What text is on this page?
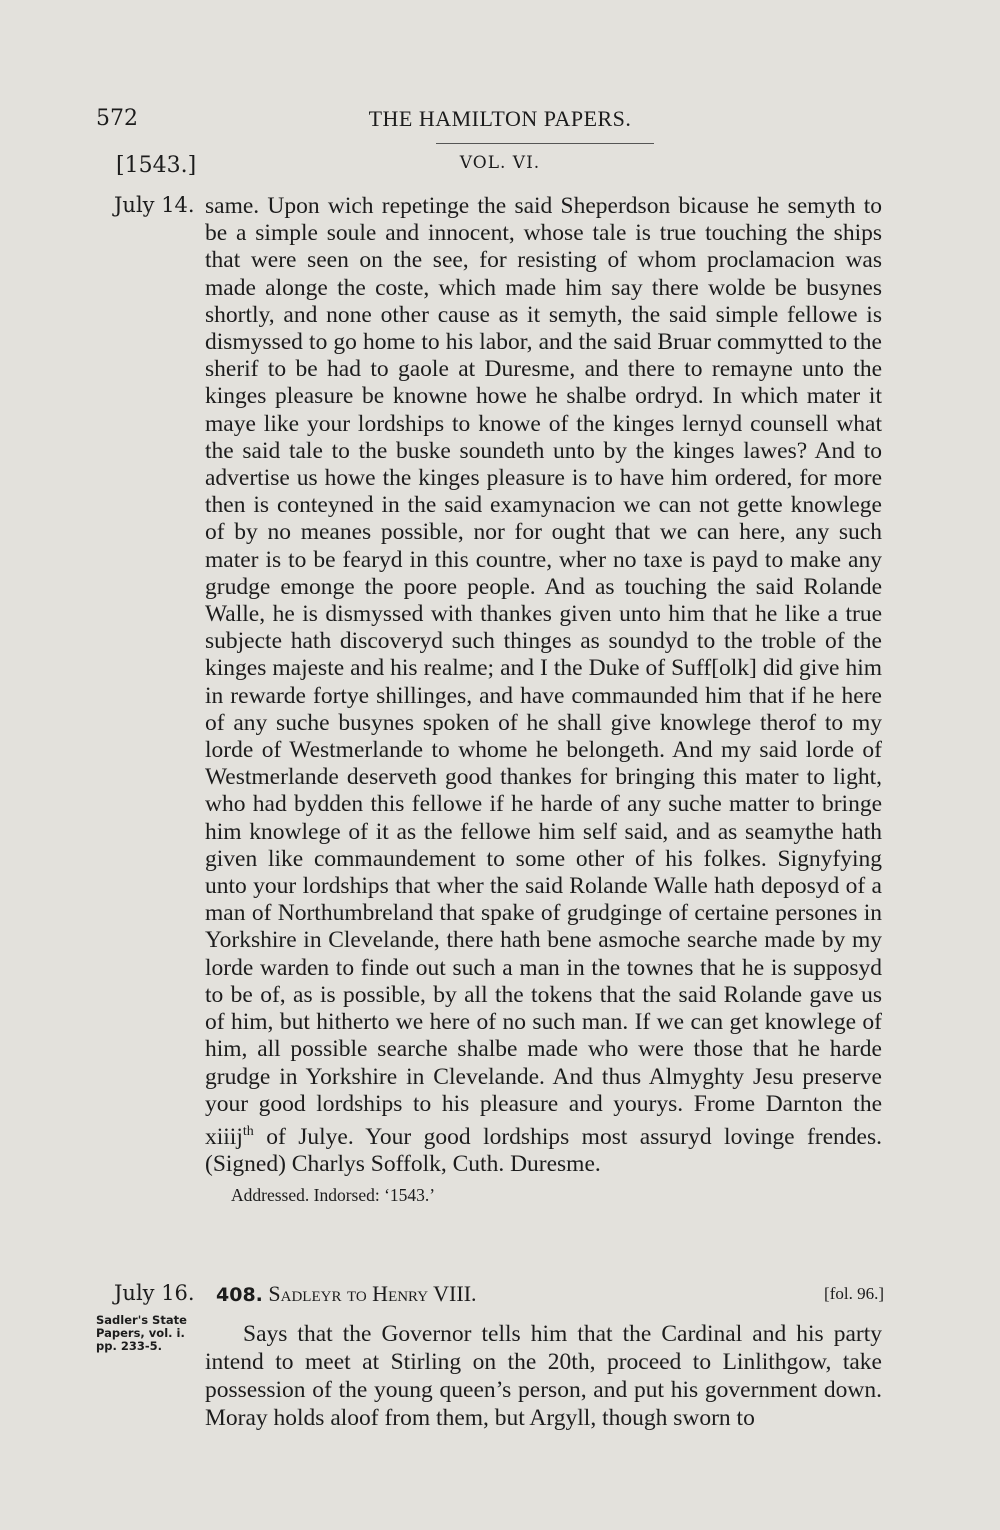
572	THE HAMILTON PAPERS.
[1543.]	VOL. VI.
July 14. same. Upon wich repetinge the said Sheperdson bicause he semyth to be a simple soule and innocent, whose tale is true touching the ships that were seen on the see, for resisting of whom proclamacion was made alonge the coste, which made him say there wolde be busynes shortly, and none other cause as it semyth, the said simple fellowe is dismyssed to go home to his labor, and the said Bruar commytted to the sherif to be had to gaole at Duresme, and there to remayne unto the kinges pleasure be knowne howe he shalbe ordryd. In which mater it maye like your lordships to knowe of the kinges lernyd counsell what the said tale to the buske soundeth unto by the kinges lawes? And to advertise us howe the kinges pleasure is to have him ordered, for more then is conteyned in the said examynacion we can not gette knowlege of by no meanes possible, nor for ought that we can here, any such mater is to be fearyd in this countre, wher no taxe is payd to make any grudge emonge the poore people. And as touching the said Rolande Walle, he is dismyssed with thankes given unto him that he like a true subjecte hath discoveryd such thinges as soundyd to the troble of the kinges majeste and his realme; and I the Duke of Suff[olk] did give him in rewarde fortye shillinges, and have commaunded him that if he here of any suche busynes spoken of he shall give knowlege therof to my lorde of Westmerlande to whome he belongeth. And my said lorde of Westmerlande deserveth good thankes for bringing this mater to light, who had bydden this fellowe if he harde of any suche matter to bringe him knowlege of it as the fellowe him self said, and as seamythe hath given like commaundement to some other of his folkes. Signyfying unto your lordships that wher the said Rolande Walle hath deposyd of a man of Northumbreland that spake of grudginge of certaine persones in Yorkshire in Clevelande, there hath bene asmoche searche made by my lorde warden to finde out such a man in the townes that he is supposyd to be of, as is possible, by all the tokens that the said Rolande gave us of him, but hitherto we here of no such man. If we can get knowlege of him, all possible searche shalbe made who were those that he harde grudge in Yorkshire in Clevelande. And thus Almyghty Jesu preserve your good lordships to his pleasure and yourys. Frome Darnton the xiiij$^{th}$ of Julye. Your good lordships most assuryd lovinge frendes. (Signed) Charlys Soffolk, Cuth. Duresme.

Addressed. Indorsed: ‘1543.’
July 16. 408. Sadleyr to Henry VIII.	[fol. 96.]
Sadler's State
Papers, vol. i.
pp. 233-5.	Says that the Governor tells him that the Cardinal and his party intend to meet at Stirling on the 20th, proceed to Linlithgow, take possession of the young queen’s person, and put his government down. Moray holds aloof from them, but Argyll, though sworn to
